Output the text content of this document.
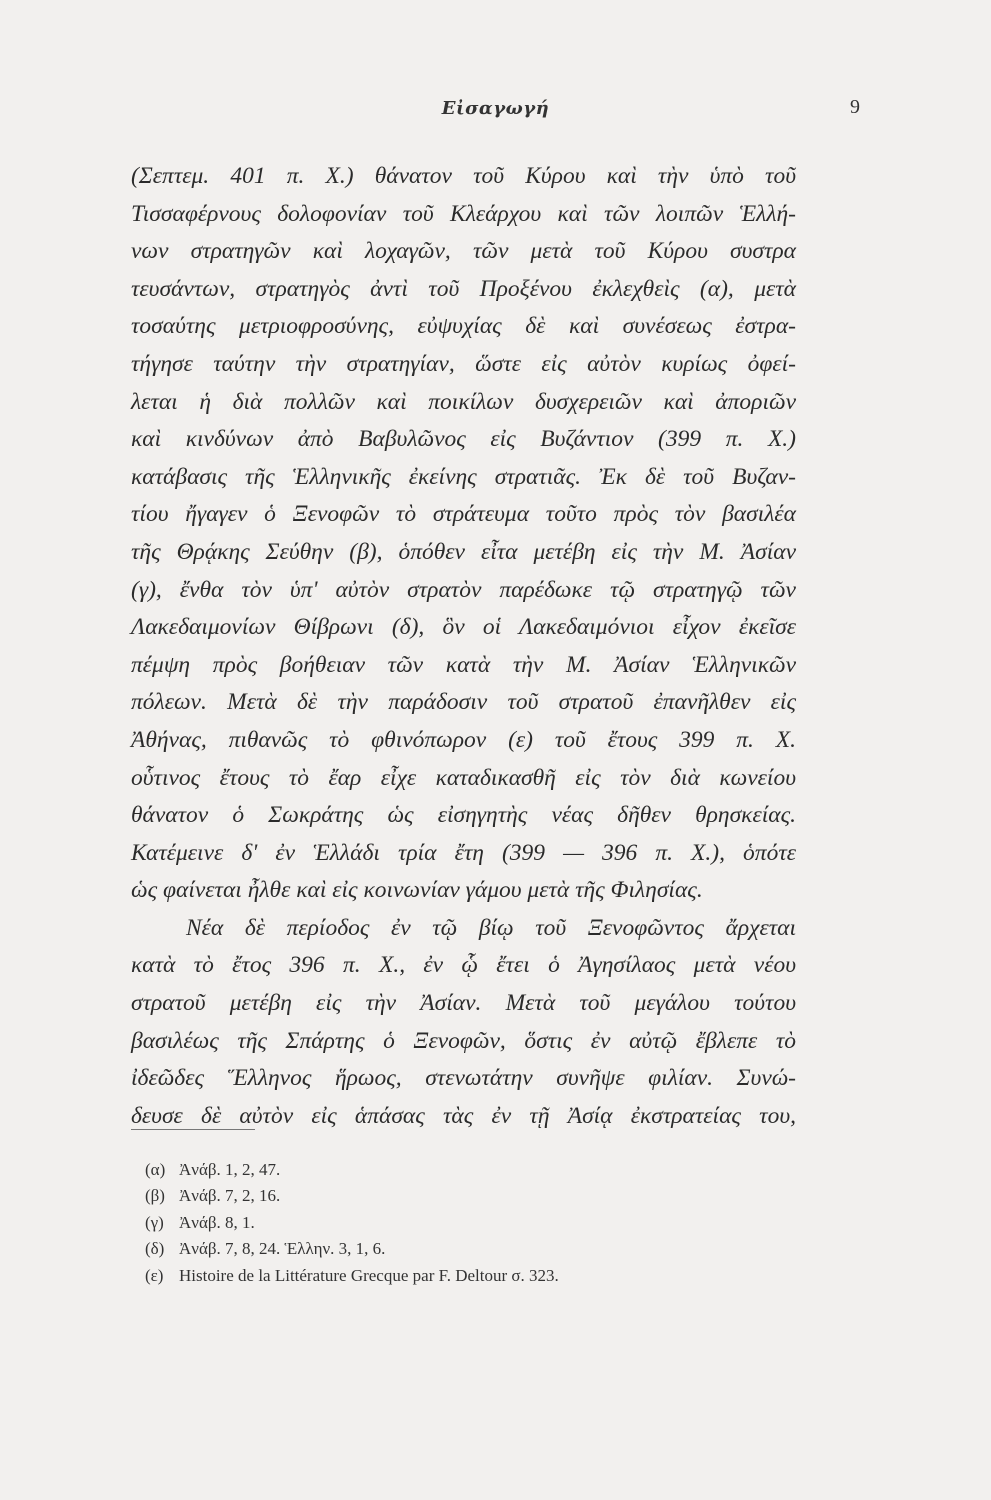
Εἰσαγωγή	9
(Σεπτεμ. 401 π. Χ.) θάνατον τοῦ Κύρου καὶ τὴν ὑπὸ τοῦ
Τισσαφέρνους δολοφονίαν τοῦ Κλεάρχου καὶ τῶν λοιπῶν Ἑλλή-
νων στρατηγῶν καὶ λοχαγῶν, τῶν μετὰ τοῦ Κύρου συστρα
τευσάντων, στρατηγὸς ἀντὶ τοῦ Προξένου ἐκλεχθεὶς (α), μετὰ
τοσαύτης μετριοφροσύνης, εὐψυχίας δὲ καὶ συνέσεως ἐστρα-
τήγησε ταύτην τὴν στρατηγίαν, ὥστε εἰς αὐτὸν κυρίως ὀφεί-
λεται ἡ διὰ πολλῶν καὶ ποικίλων δυσχερειῶν καὶ ἀποριῶν
καὶ κινδύνων ἀπὸ Βαβυλῶνος εἰς Βυζάντιον (399 π. Χ.)
κατάβασις τῆς Ἑλληνικῆς ἐκείνης στρατιᾶς. Ἐκ δὲ τοῦ Βυζαν-
τίου ἤγαγεν ὁ Ξενοφῶν τὸ στράτευμα τοῦτο πρὸς τὸν βασιλέα
τῆς Θρᾴκης Σεύθην (β), ὁπόθεν εἶτα μετέβη εἰς τὴν Μ. Ἀσίαν
(γ), ἔνθα τὸν ὑπ' αὐτὸν στρατὸν παρέδωκε τῷ στρατηγῷ τῶν
Λακεδαιμονίων Θίβρωνι (δ), ὃν οἱ Λακεδαιμόνιοι εἶχον ἐκεῖσε
πέμψη πρὸς βοήθειαν τῶν κατὰ τὴν Μ. Ἀσίαν Ἑλληνικῶν
πόλεων. Μετὰ δὲ τὴν παράδοσιν τοῦ στρατοῦ ἐπανῆλθεν εἰς
Ἀθήνας, πιθανῶς τὸ φθινόπωρον (ε) τοῦ ἔτους 399 π. Χ.
οὗτινος ἔτους τὸ ἔαρ εἶχε καταδικασθῆ εἰς τὸν διὰ κωνείου
θάνατον ὁ Σωκράτης ὡς εἰσηγητὴς νέας δῆθεν θρησκείας.
Κατέμεινε δ' ἐν Ἑλλάδι τρία ἔτη (399 — 396 π. Χ.), ὁπότε
ὡς φαίνεται ἦλθε καὶ εἰς κοινωνίαν γάμου μετὰ τῆς Φιλησίας.
Νέα δὲ περίοδος ἐν τῷ βίῳ τοῦ Ξενοφῶντος ἄρχεται
κατὰ τὸ ἔτος 396 π. Χ., ἐν ᾧ ἔτει ὁ Ἀγησίλαος μετὰ νέου
στρατοῦ μετέβη εἰς τὴν Ἀσίαν. Μετὰ τοῦ μεγάλου τούτου
βασιλέως τῆς Σπάρτης ὁ Ξενοφῶν, ὅστις ἐν αὐτῷ ἔβλεπε τὸ
ἰδεῶδες Ἕλληνος ἥρωος, στενωτάτην συνῆψε φιλίαν. Συνώ-
δευσε δὲ αὐτὸν εἰς ἁπάσας τὰς ἐν τῇ Ἀσίᾳ ἐκστρατείας του,
(α) Ἀνάβ. 1, 2, 47.
(β) Ἀνάβ. 7, 2, 16.
(γ) Ἀνάβ. 8, 1.
(δ) Ἀνάβ. 7, 8, 24. Ἑλλην. 3, 1, 6.
(ε) Histoire de la Littérature Grecque par F. Deltour σ. 323.
